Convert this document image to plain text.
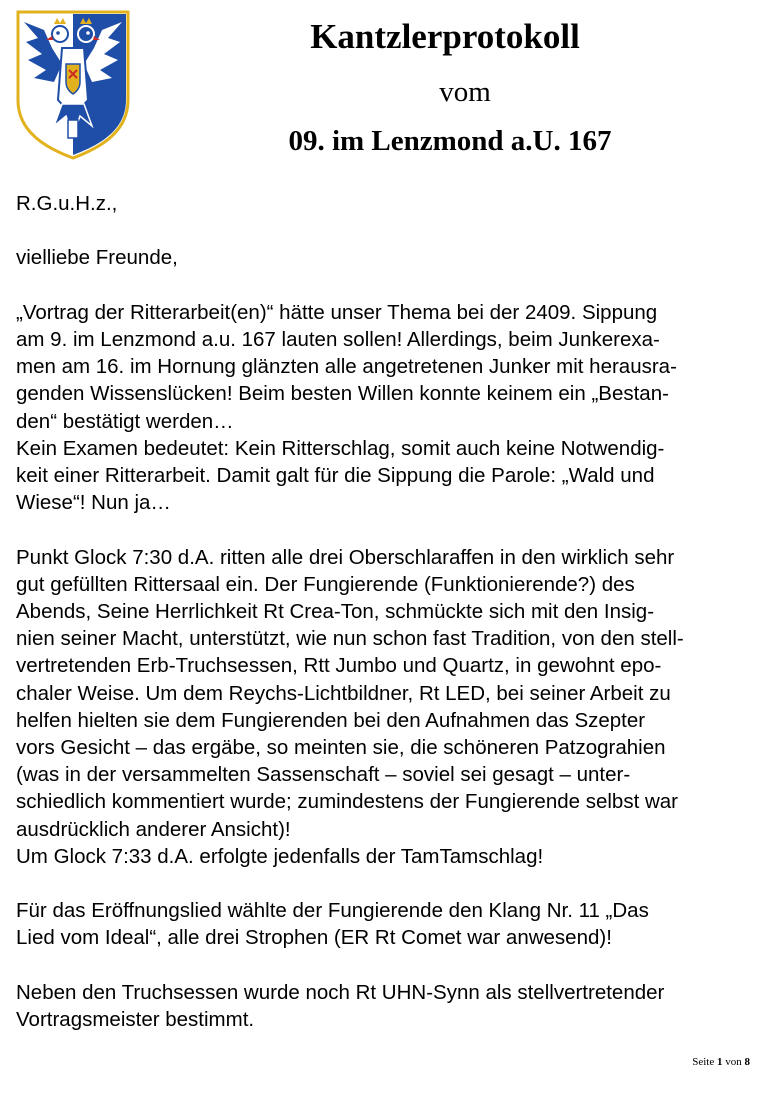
Kantzlerprotokoll
vom
09. im Lenzmond a.U. 167

R.G.u.H.z.,

vielliebe Freunde,

„Vortrag der Ritterarbeit(en)“ hätte unser Thema bei der 2409. Sippung

am 9. im Lenzmond a.u. 167 lauten sollen! Allerdings, beim Junkerexa-

men am 16. im Hornung glänzten alle angetretenen Junker mit herausra-

genden Wissenslücken! Beim besten Willen konnte keinem ein „Bestan-

den“ bestätigt werden…

Kein Examen bedeutet: Kein Ritterschlag, somit auch keine Notwendig-

keit einer Ritterarbeit. Damit galt für die Sippung die Parole: „Wald und

Wiese“! Nun ja…

Punkt Glock 7:30 d.A. ritten alle drei Oberschlaraffen in den wirklich sehr

gut gefüllten Rittersaal ein. Der Fungierende (Funktionierende?) des

Abends, Seine Herrlichkeit Rt Crea-Ton, schmückte sich mit den Insig-

nien seiner Macht, unterstützt, wie nun schon fast Tradition, von den stell-

vertretenden Erb-Truchsessen, Rtt Jumbo und Quartz, in gewohnt epo-

chaler Weise. Um dem Reychs-Lichtbildner, Rt LED, bei seiner Arbeit zu

helfen hielten sie dem Fungierenden bei den Aufnahmen das Szepter

vors Gesicht – das ergäbe, so meinten sie, die schöneren Patzograhien

(was in der versammelten Sassenschaft – soviel sei gesagt – unter-

schiedlich kommentiert wurde; zumindestens der Fungierende selbst war

ausdrücklich anderer Ansicht)!

Um Glock 7:33 d.A. erfolgte jedenfalls der TamTamschlag!

Für das Eröffnungslied wählte der Fungierende den Klang Nr. 11 „Das

Lied vom Ideal“, alle drei Strophen (ER Rt Comet war anwesend)!

Neben den Truchsessen wurde noch Rt UHN-Synn als stellvertretender

Vortragsmeister bestimmt.

Seite 1 von 8
